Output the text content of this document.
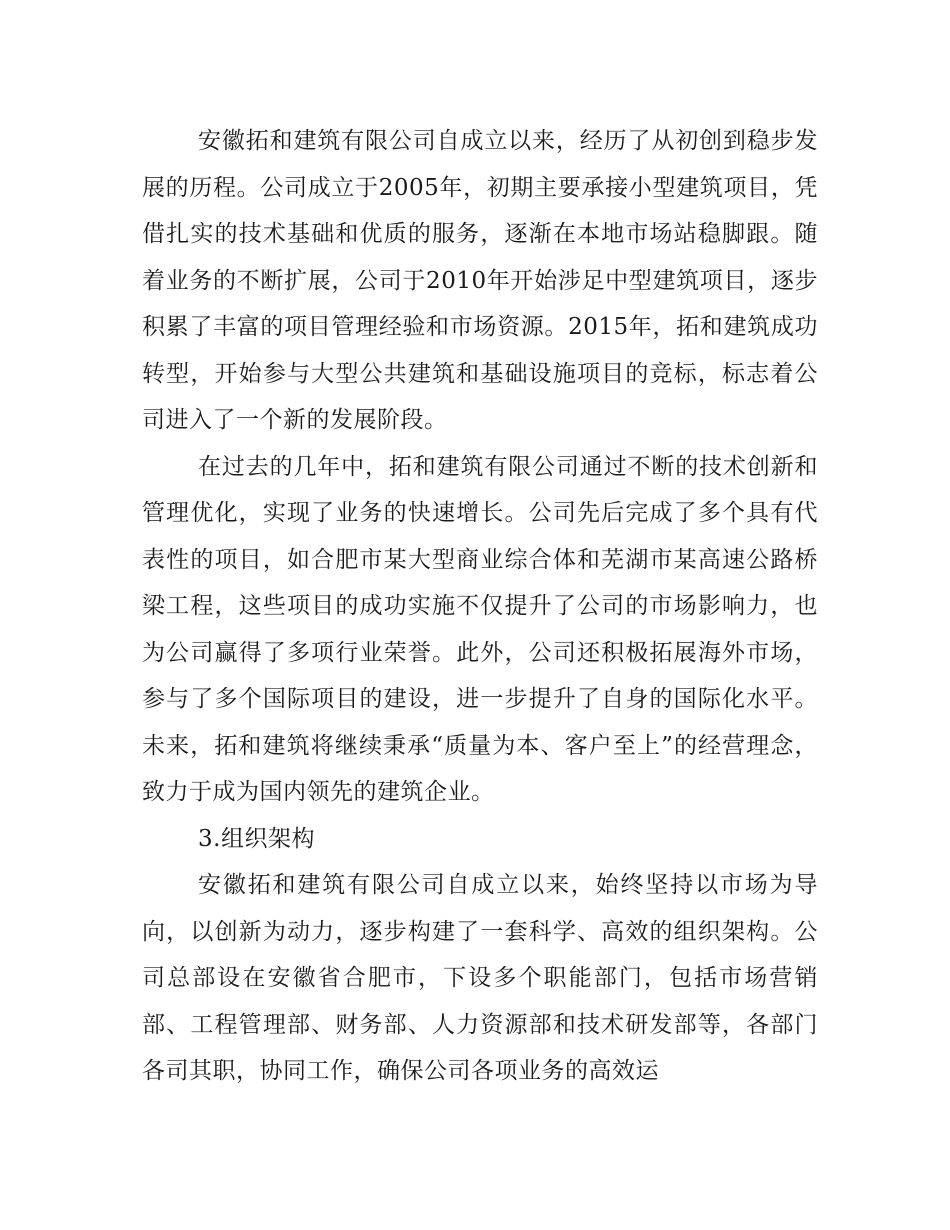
安徽拓和建筑有限公司自成立以来，经历了从初创到稳步发展的历程。公司成立于2005年，初期主要承接小型建筑项目，凭借扎实的技术基础和优质的服务，逐渐在本地市场站稳脚跟。随着业务的不断扩展，公司于2010年开始涉足中型建筑项目，逐步积累了丰富的项目管理经验和市场资源。2015年，拓和建筑成功转型，开始参与大型公共建筑和基础设施项目的竞标，标志着公司进入了一个新的发展阶段。

在过去的几年中，拓和建筑有限公司通过不断的技术创新和管理优化，实现了业务的快速增长。公司先后完成了多个具有代表性的项目，如合肥市某大型商业综合体和芜湖市某高速公路桥梁工程，这些项目的成功实施不仅提升了公司的市场影响力，也为公司赢得了多项行业荣誉。此外，公司还积极拓展海外市场，参与了多个国际项目的建设，进一步提升了自身的国际化水平。未来，拓和建筑将继续秉承“质量为本、客户至上”的经营理念，致力于成为国内领先的建筑企业。

3.组织架构

安徽拓和建筑有限公司自成立以来，始终坚持以市场为导向，以创新为动力，逐步构建了一套科学、高效的组织架构。公司总部设在安徽省合肥市，下设多个职能部门，包括市场营销部、工程管理部、财务部、人力资源部和技术研发部等，各部门各司其职，协同工作，确保公司各项业务的高效运
